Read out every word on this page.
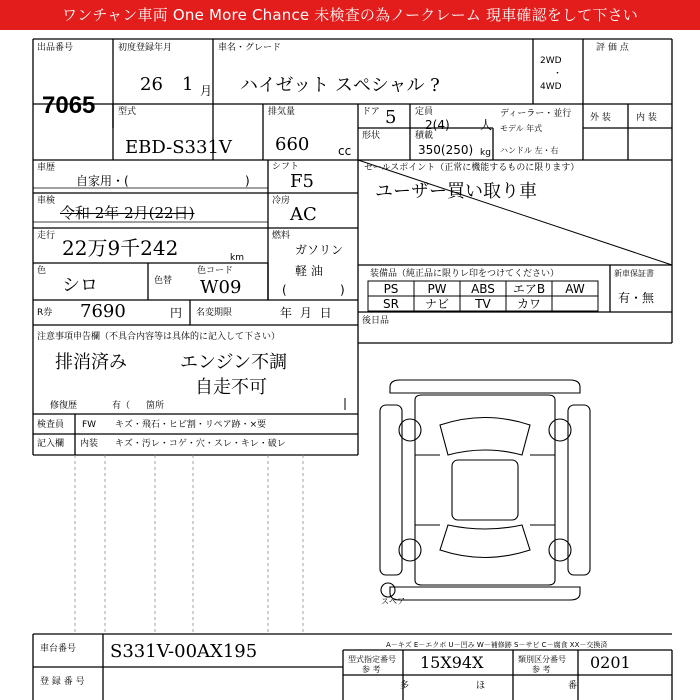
ワンチャン車両 One More Chance 未検査の為ノークレーム 現車確認をして下さい
出品番号
7065
初度登録年月
26 1 月
車名・グレード
ハイゼット スペシャル ?
2WD
・
4WD
評 価 点
外 装	内 装
型式
EBD-S331V
排気量
660 cc
ドア 5 定員
2(4)	人
形状	積載
350(250) kg
ディーラー・並行
モデル 年式
ハンドル 左・右
車歴
自家用・(	)
シフト
F5
車検
令和 2年 2月(22日)
冷房
AC
走行 22万9千242	km
燃料
ガソリン
軽 油
(	)
色
シロ	色替
色コード
W09
R券 7690	円 名変期限	年 月 日
セールスポイント（正常に機能するものに限ります）
ユーザー買い取り車
装備品（純正品に限りレ印をつけてください）
PS	PW	ABS	エアB	AW
SR	ナビ	TV	カワ
新車保証書
有・無
後日品
注意事項申告欄（不具合内容等は具体的に記入して下さい）
排消済み	エンジン不調
自走不可
修復歴	有（ 箇所
検査員 FW キズ・飛石・ヒビ割・リペア跡・×要
記入欄 内装 キズ・汚レ・コゲ・穴・スレ・キレ・破レ
スペア
A－キズ E－エクボ U－凹み W－補修跡 S－サビ C－腐食 XX－交換済
車台番号 S331V-00AX195
登 録 番 号
型式指定番号
参 考 15X94X	類別区分番号
参 考 0201
多	ほ	番
